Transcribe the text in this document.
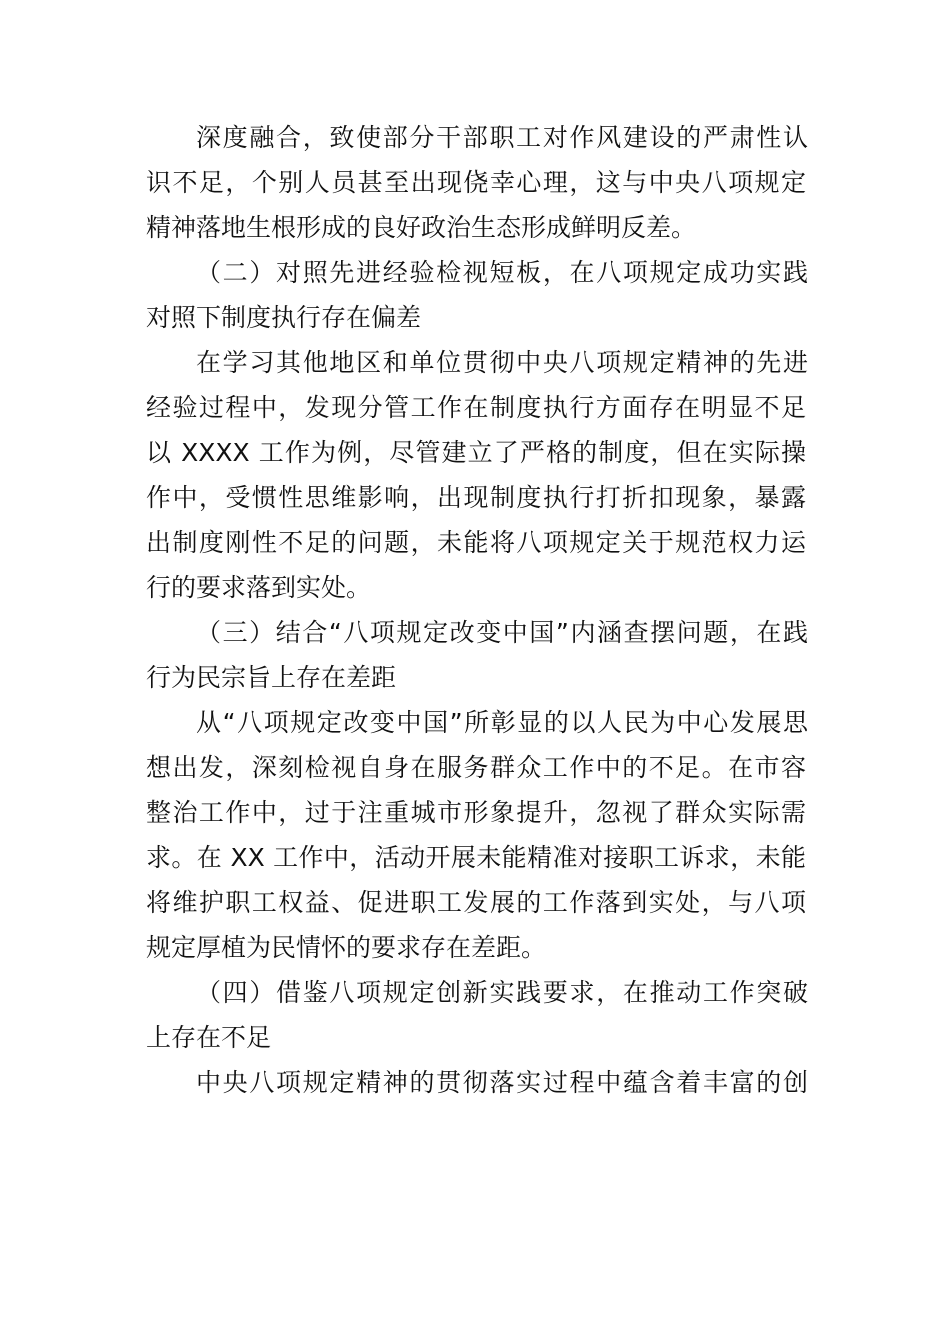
深度融合，致使部分干部职工对作风建设的严肃性认
识不足，个别人员甚至出现侥幸心理，这与中央八项规定
精神落地生根形成的良好政治生态形成鲜明反差。
（二）对照先进经验检视短板，在八项规定成功实践
对照下制度执行存在偏差
在学习其他地区和单位贯彻中央八项规定精神的先进
经验过程中，发现分管工作在制度执行方面存在明显不足
以 XXXX 工作为例，尽管建立了严格的制度，但在实际操
作中，受惯性思维影响，出现制度执行打折扣现象，暴露
出制度刚性不足的问题，未能将八项规定关于规范权力运
行的要求落到实处。
（三）结合“八项规定改变中国”内涵查摆问题，在践
行为民宗旨上存在差距
从“八项规定改变中国”所彰显的以人民为中心发展思
想出发，深刻检视自身在服务群众工作中的不足。在市容
整治工作中，过于注重城市形象提升，忽视了群众实际需
求。在 XX 工作中，活动开展未能精准对接职工诉求，未能
将维护职工权益、促进职工发展的工作落到实处，与八项
规定厚植为民情怀的要求存在差距。
（四）借鉴八项规定创新实践要求，在推动工作突破
上存在不足
中央八项规定精神的贯彻落实过程中蕴含着丰富的创
